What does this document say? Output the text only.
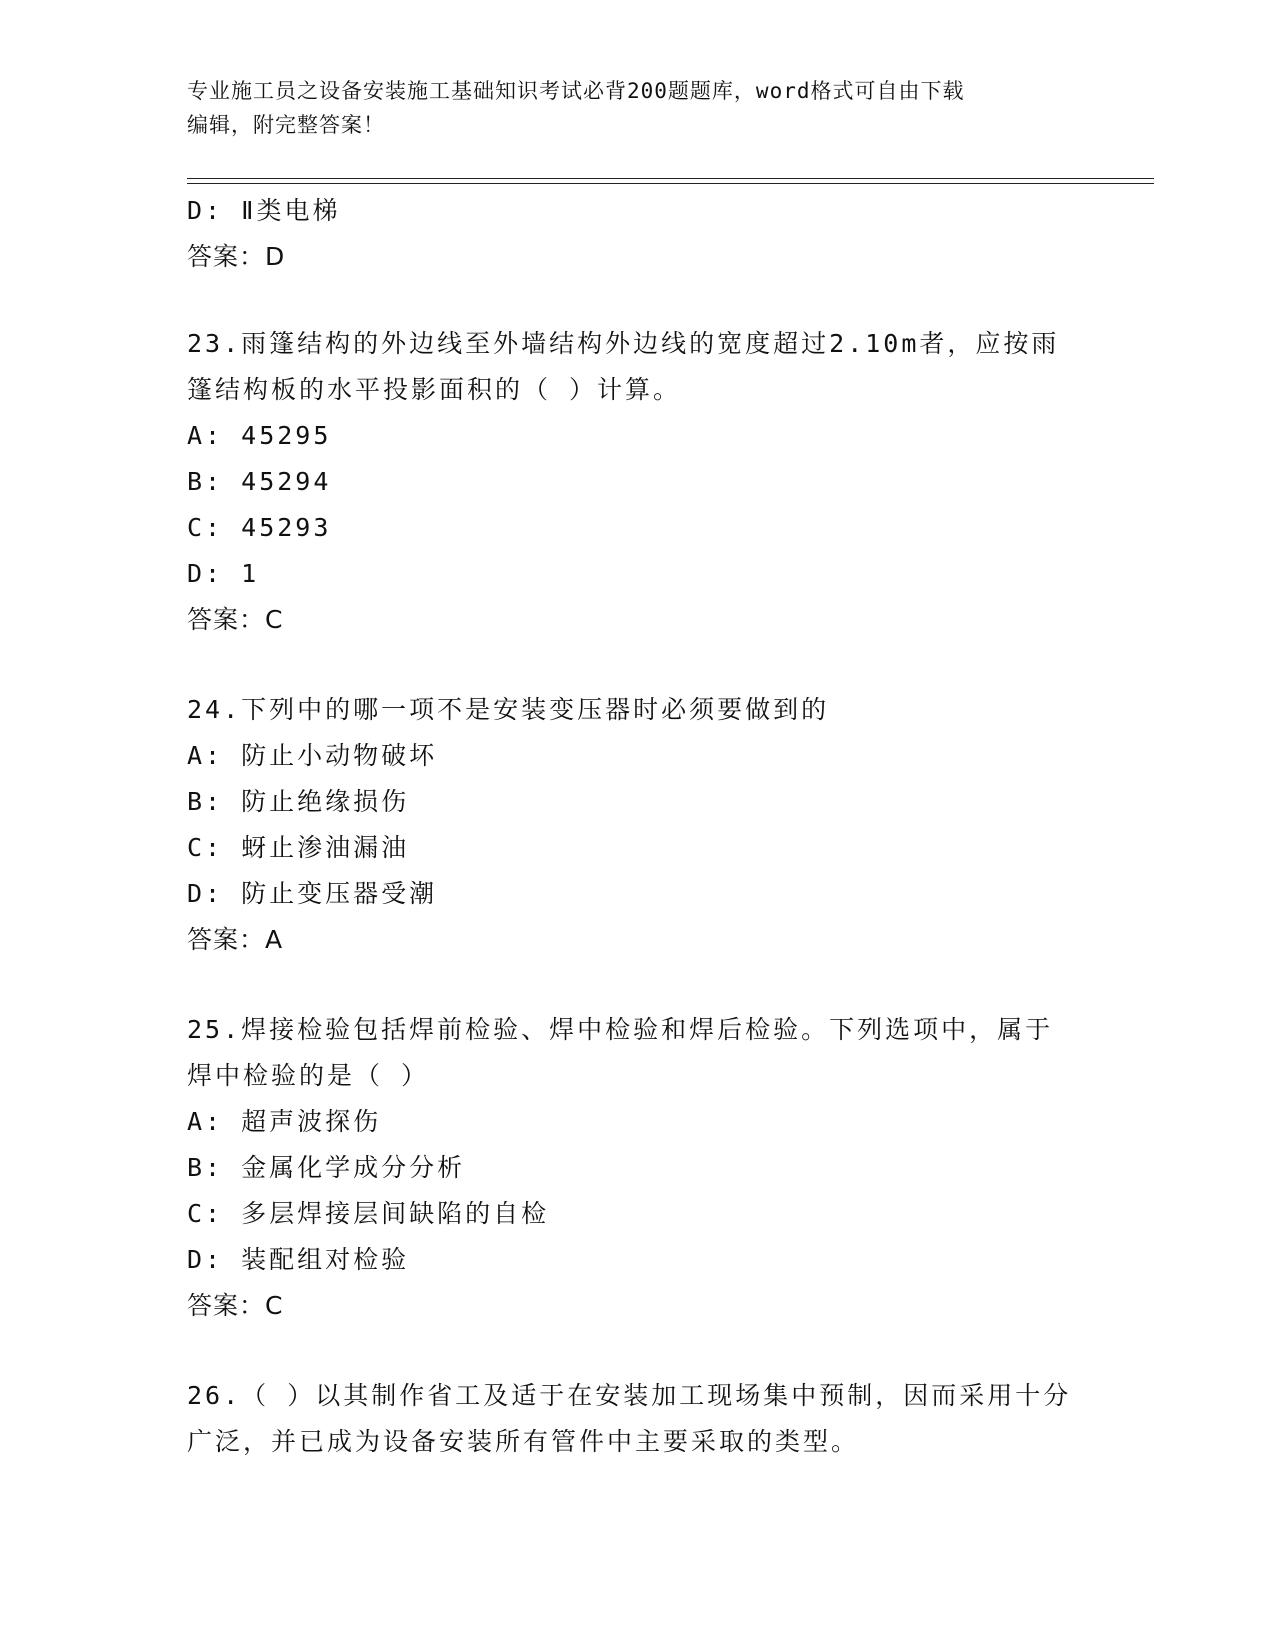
专业施工员之设备安装施工基础知识考试必背200题题库，word格式可自由下载
编辑，附完整答案！
D: Ⅱ类电梯
答案：D
23.雨篷结构的外边线至外墙结构外边线的宽度超过2.10m者，应按雨篷结构板的水平投影面积的（ ）计算。
A: 45295
B: 45294
C: 45293
D: 1
答案：C
24.下列中的哪一项不是安装变压器时必须要做到的
A: 防止小动物破坏
B: 防止绝缘损伤
C: 蚜止渗油漏油
D: 防止变压器受潮
答案：A
25.焊接检验包括焊前检验、焊中检验和焊后检验。下列选项中，属于焊中检验的是（ ）
A: 超声波探伤
B: 金属化学成分分析
C: 多层焊接层间缺陷的自检
D: 装配组对检验
答案：C
26.（ ）以其制作省工及适于在安装加工现场集中预制，因而采用十分广泛，并已成为设备安装所有管件中主要采取的类型。
